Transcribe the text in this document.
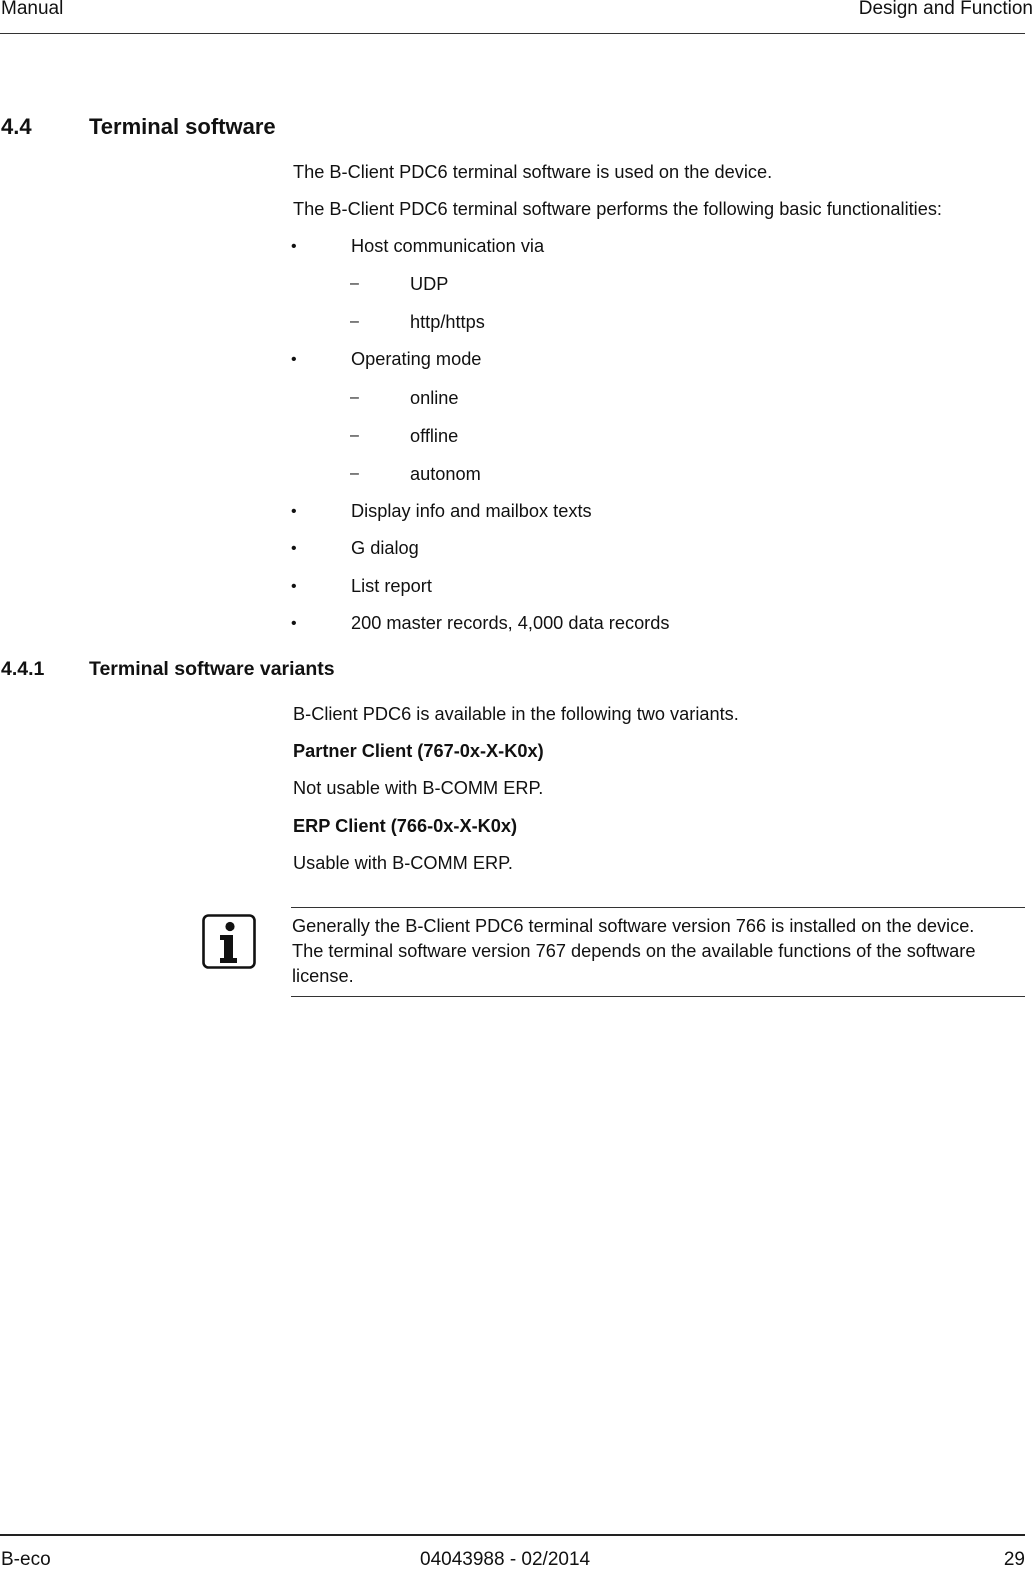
Manual	Design and Function
4.4	Terminal software
The B-Client PDC6 terminal software is used on the device.
The B-Client PDC6 terminal software performs the following basic functionalities:
•	Host communication via
–	UDP
–	http/https
•	Operating mode
–	online
–	offline
–	autonom
•	Display info and mailbox texts
•	G dialog
•	List report
•	200 master records, 4,000 data records
4.4.1 Terminal software variants
B-Client PDC6 is available in the following two variants.
Partner Client (767-0x-X-K0x)
Not usable with B-COMM ERP.
ERP Client (766-0x-X-K0x)
Usable with B-COMM ERP.
Generally the B-Client PDC6 terminal software version 766 is installed on the device. The terminal software version 767 depends on the available functions of the software license.
B-eco	04043988 - 02/2014	29
